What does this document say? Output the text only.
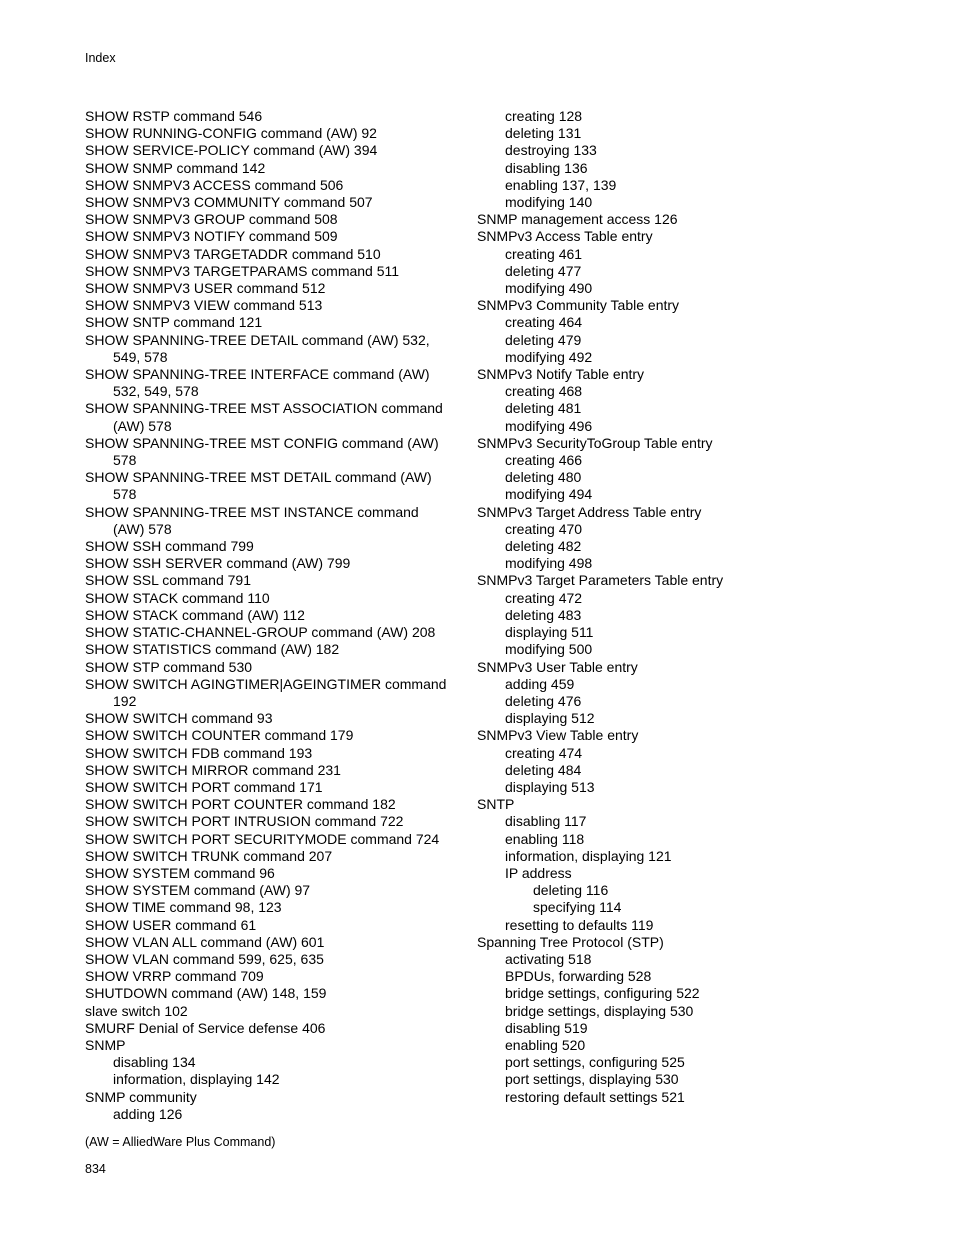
Index
SHOW RSTP command 546
SHOW RUNNING-CONFIG command (AW) 92
SHOW SERVICE-POLICY command (AW) 394
SHOW SNMP command 142
SHOW SNMPV3 ACCESS command 506
SHOW SNMPV3 COMMUNITY command 507
SHOW SNMPV3 GROUP command 508
SHOW SNMPV3 NOTIFY command 509
SHOW SNMPV3 TARGETADDR command 510
SHOW SNMPV3 TARGETPARAMS command 511
SHOW SNMPV3 USER command 512
SHOW SNMPV3 VIEW command 513
SHOW SNTP command 121
SHOW SPANNING-TREE DETAIL command (AW) 532,
549, 578
SHOW SPANNING-TREE INTERFACE command (AW)
532, 549, 578
SHOW SPANNING-TREE MST ASSOCIATION command
(AW) 578
SHOW SPANNING-TREE MST CONFIG command (AW)
578
SHOW SPANNING-TREE MST DETAIL command (AW)
578
SHOW SPANNING-TREE MST INSTANCE command
(AW) 578
SHOW SSH command 799
SHOW SSH SERVER command (AW) 799
SHOW SSL command 791
SHOW STACK command 110
SHOW STACK command (AW) 112
SHOW STATIC-CHANNEL-GROUP command (AW) 208
SHOW STATISTICS command (AW) 182
SHOW STP command 530
SHOW SWITCH AGINGTIMER|AGEINGTIMER command
192
SHOW SWITCH command 93
SHOW SWITCH COUNTER command 179
SHOW SWITCH FDB command 193
SHOW SWITCH MIRROR command 231
SHOW SWITCH PORT command 171
SHOW SWITCH PORT COUNTER command 182
SHOW SWITCH PORT INTRUSION command 722
SHOW SWITCH PORT SECURITYMODE command 724
SHOW SWITCH TRUNK command 207
SHOW SYSTEM command 96
SHOW SYSTEM command (AW) 97
SHOW TIME command 98, 123
SHOW USER command 61
SHOW VLAN ALL command (AW) 601
SHOW VLAN command 599, 625, 635
SHOW VRRP command 709
SHUTDOWN command (AW) 148, 159
slave switch 102
SMURF Denial of Service defense 406
SNMP
disabling 134
information, displaying 142
SNMP community
adding 126
creating 128
deleting 131
destroying 133
disabling 136
enabling 137, 139
modifying 140
SNMP management access 126
SNMPv3 Access Table entry
creating 461
deleting 477
modifying 490
SNMPv3 Community Table entry
creating 464
deleting 479
modifying 492
SNMPv3 Notify Table entry
creating 468
deleting 481
modifying 496
SNMPv3 SecurityToGroup Table entry
creating 466
deleting 480
modifying 494
SNMPv3 Target Address Table entry
creating 470
deleting 482
modifying 498
SNMPv3 Target Parameters Table entry
creating 472
deleting 483
displaying 511
modifying 500
SNMPv3 User Table entry
adding 459
deleting 476
displaying 512
SNMPv3 View Table entry
creating 474
deleting 484
displaying 513
SNTP
disabling 117
enabling 118
information, displaying 121
IP address
deleting 116
specifying 114
resetting to defaults 119
Spanning Tree Protocol (STP)
activating 518
BPDUs, forwarding 528
bridge settings, configuring 522
bridge settings, displaying 530
disabling 519
enabling 520
port settings, configuring 525
port settings, displaying 530
restoring default settings 521
(AW = AlliedWare Plus Command)
834
